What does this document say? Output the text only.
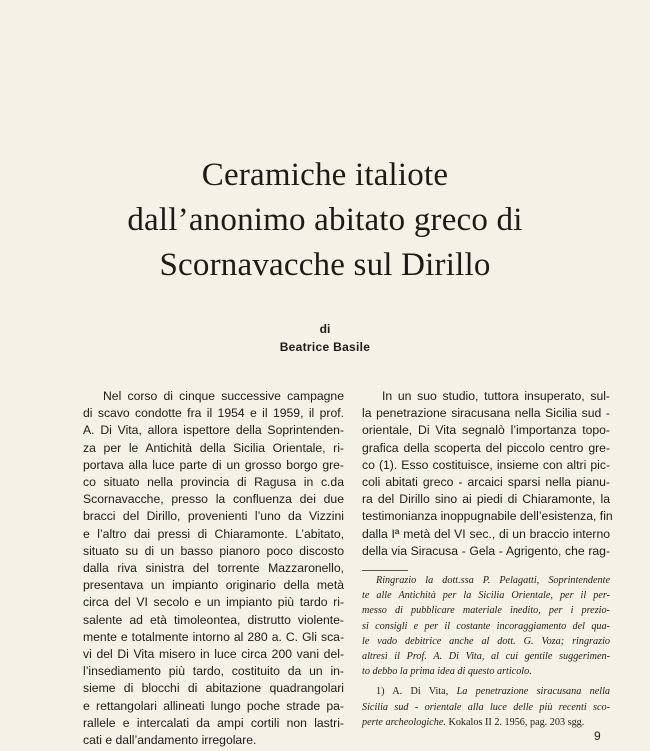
Ceramiche italiote
dall’anonimo abitato greco di
Scornavacche sul Dirillo
di
Beatrice Basile
Nel corso di cinque successive campagne
di scavo condotte fra il 1954 e il 1959, il prof.
A. Di Vita, allora ispettore della Soprintenden-
za per le Antichità della Sicilia Orientale, ri-
portava alla luce parte di un grosso borgo gre-
co situato nella provincia di Ragusa in c.da
Scornavacche, presso la confluenza dei due
bracci del Dirillo, provenienti l’uno da Vizzini
e l’altro dai pressi di Chiaramonte. L’abitato,
situato su di un basso pianoro poco discosto
dalla riva sinistra del torrente Mazzaronello,
presentava un impianto originario della metà
circa del VI secolo e un impianto più tardo ri-
salente ad età timoleontea, distrutto violente-
mente e totalmente intorno al 280 a. C. Gli sca-
vi del Di Vita misero in luce circa 200 vani del-
l’insediamento più tardo, costituito da un in-
sieme di blocchi di abitazione quadrangolari
e rettangolari allineati lungo poche strade pa-
rallele e intercalati da ampi cortili non lastri-
cati e dall’andamento irregolare.
In un suo studio, tuttora insuperato, sul-
la penetrazione siracusana nella Sicilia sud -
orientale, Di Vita segnalò l’importanza topo-
grafica della scoperta del piccolo centro gre-
co (1). Esso costituisce, insieme con altri pic-
coli abitati greco - arcaici sparsi nella pianu-
ra del Dirillo sino ai piedi di Chiaramonte, la
testimonianza inoppugnabile dell’esistenza, fin
dalla Iª metà del VI sec., di un braccio interno
della via Siracusa - Gela - Agrigento, che rag-
Ringrazio la dott.ssa P. Pelagatti, Soprintendente
te alle Antichità per la Sicilia Orientale, per il per-
messo di pubblicare materiale inedito, per i prezio-
si consigli e per il costante incoraggiamento del qua-
le vado debitrice anche al dott. G. Voza; ringrazio
altresì il Prof. A. Di Vita, al cui gentile suggerimen-
to debbo la prima idea di questo articolo.
1) A. Di Vita, La penetrazione siracusana nella
Sicilia sud - orientale alla luce delle più recenti sco-
perte archeologiche. Kokalos II 2. 1956, pag. 203 sgg.
9
